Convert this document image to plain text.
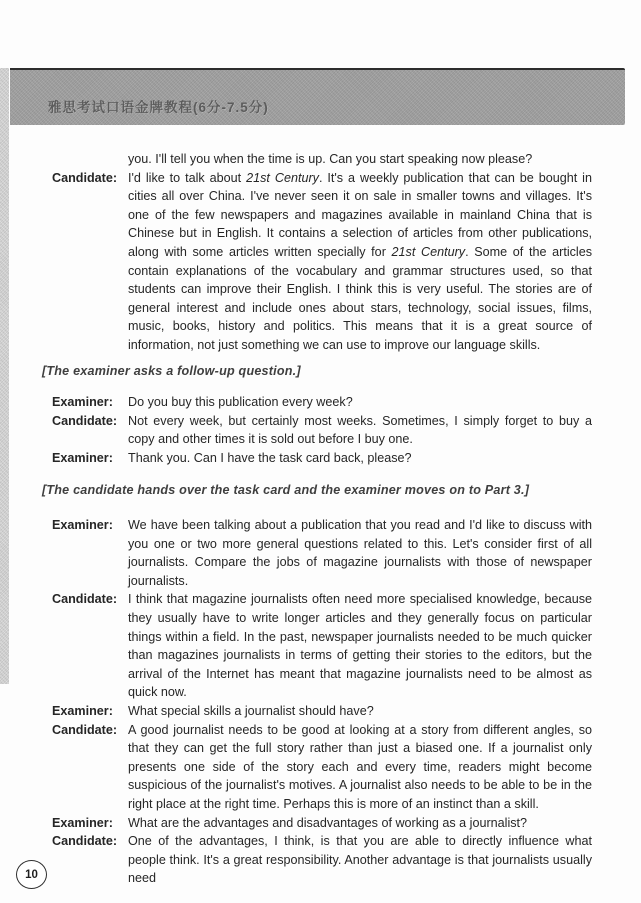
雅思考试口语金牌教程(6分-7.5分)

you. I'll tell you when the time is up. Can you start speaking now please?

Candidate: I'd like to talk about 21st Century. It's a weekly publication that can be bought in cities all over China. I've never seen it on sale in smaller towns and villages. It's one of the few newspapers and magazines available in mainland China that is Chinese but in English. It contains a selection of articles from other publications, along with some articles written specially for 21st Century. Some of the articles contain explanations of the vocabulary and grammar structures used, so that students can improve their English. I think this is very useful. The stories are of general interest and include ones about stars, technology, social issues, films, music, books, history and politics. This means that it is a great source of information, not just something we can use to improve our language skills.

[The examiner asks a follow-up question.]

Examiner:	Do you buy this publication every week?

Candidate: Not every week, but certainly most weeks. Sometimes, I simply forget to buy a copy and other times it is sold out before I buy one.

Examiner:	Thank you. Can I have the task card back, please?

[The candidate hands over the task card and the examiner moves on to Part 3.]

Examiner:	We have been talking about a publication that you read and I'd like to discuss with you one or two more general questions related to this. Let's consider first of all journalists. Compare the jobs of magazine journalists with those of newspaper journalists.

Candidate: I think that magazine journalists often need more specialised knowledge, because they usually have to write longer articles and they generally focus on particular things within a field. In the past, newspaper journalists needed to be much quicker than magazines journalists in terms of getting their stories to the editors, but the arrival of the Internet has meant that magazine journalists need to be almost as quick now.

Examiner:	What special skills a journalist should have?

Candidate: A good journalist needs to be good at looking at a story from different angles, so that they can get the full story rather than just a biased one. If a journalist only presents one side of the story each and every time, readers might become suspicious of the journalist's motives. A journalist also needs to be able to be in the right place at the right time. Perhaps this is more of an instinct than a skill.

Examiner:	What are the advantages and disadvantages of working as a journalist?

Candidate: One of the advantages, I think, is that you are able to directly influence what people think. It's a great responsibility. Another advantage is that journalists usually need

10
